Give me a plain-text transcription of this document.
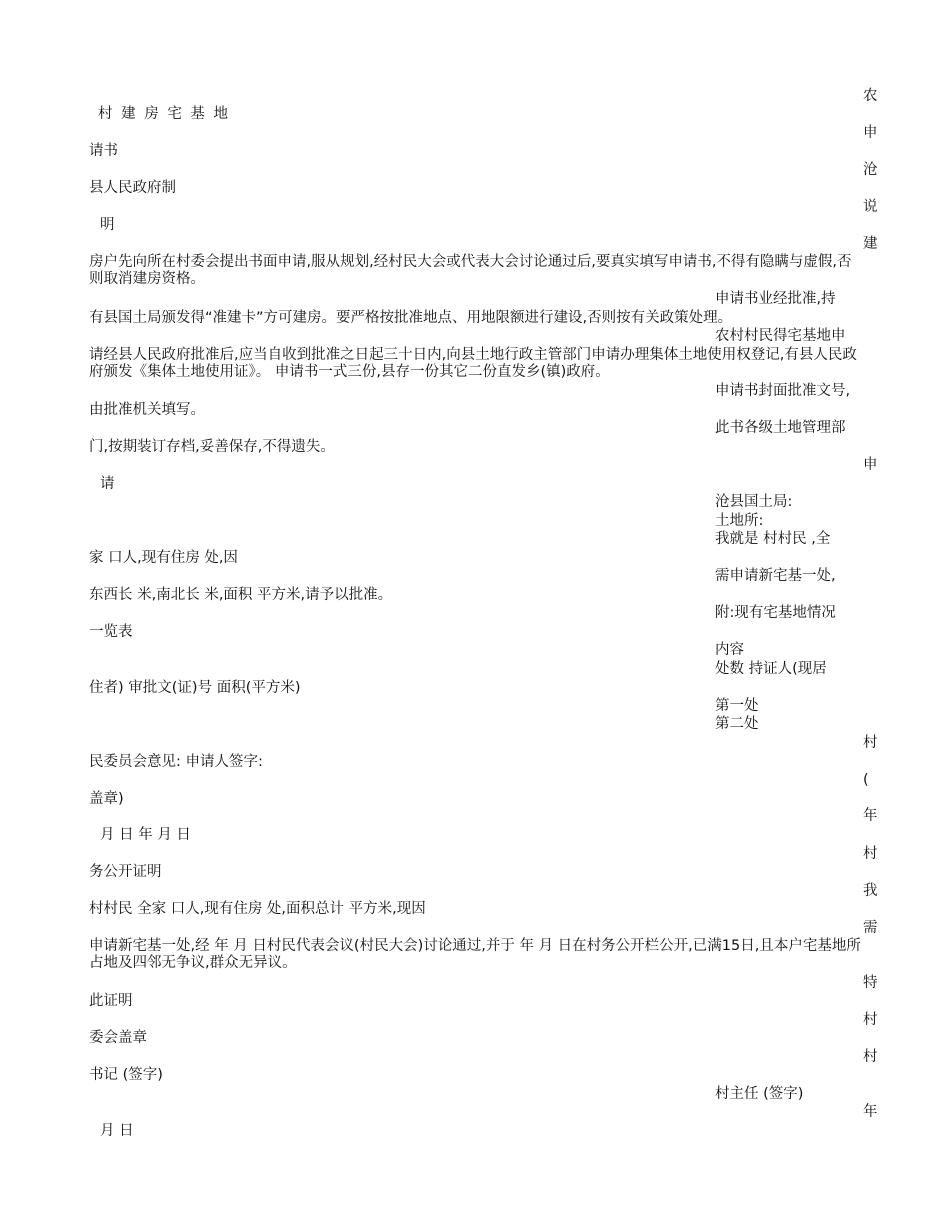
村 建 房 宅 基 地
请书
县人民政府制
明
房户先向所在村委会提出书面申请,服从规划,经村民大会或代表大会讨论通过后,要真实填写申请书,不得有隐瞒与虚假,否则取消建房资格。
有县国土局颁发得“准建卡”方可建房。要严格按批准地点、用地限额进行建设,否则按有关政策处理。
请经县人民政府批准后,应当自收到批准之日起三十日内,向县土地行政主管部门申请办理集体土地使用权登记,有县人民政府颁发《集体土地使用证》。 申请书一式三份,县存一份其它二份直发乡(镇)政府。
由批准机关填写。
门,按期装订存档,妥善保存,不得遗失。
请
家 口人,现有住房 处,因
东西长 米,南北长 米,面积 平方米,请予以批准。
一览表
住者) 审批文(证)号 面积(平方米)
民委员会意见: 申请人签字:
盖章)
月 日 年 月 日
务公开证明
村村民 全家 口人,现有住房 处,面积总计 平方米,现因
申请新宅基一处,经 年 月 日村民代表会议(村民大会)讨论通过,并于 年 月 日在村务公开栏公开,已满15日,且本户宅基地所占地及四邻无争议,群众无异议。
此证明
委会盖章
书记 (签字)
月 日
申请书业经批准,持
农村村民得宅基地申
申请书封面批准文号,
此书各级土地管理部
沧县国土局:
土地所:
我就是 村村民 ,全
需申请新宅基一处,
附:现有宅基地情况
内容
处数 持证人(现居
第一处
第二处
村主任 (签字)
农
申
沧
说
建
申
村
(
年
村
我
需
特
村
村
年
